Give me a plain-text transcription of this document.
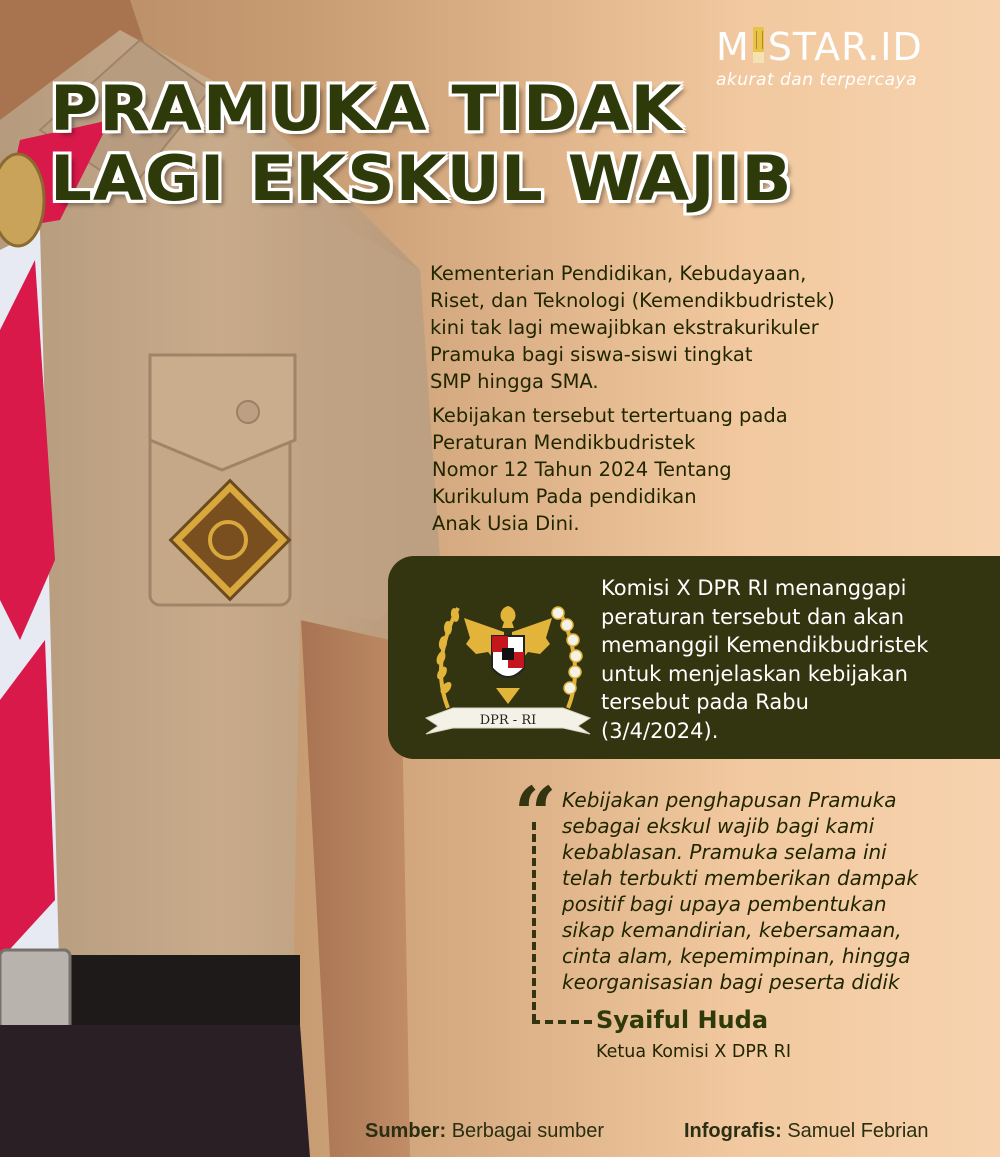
M STAR.ID
akurat dan terpercaya
PRAMUKA TIDAK
LAGI EKSKUL WAJIB

Kementerian Pendidikan, Kebudayaan,
Riset, dan Teknologi (Kemendikbudristek)
kini tak lagi mewajibkan ekstrakurikuler
Pramuka bagi siswa-siswi tingkat
SMP hingga SMA.

Kebijakan tersebut tertertuang pada
Peraturan Mendikbudristek
Nomor 12 Tahun 2024 Tentang
Kurikulum Pada pendidikan
Anak Usia Dini.

DPR - RI

Komisi X DPR RI menanggapi
peraturan tersebut dan akan
memanggil Kemendikbudristek
untuk menjelaskan kebijakan
tersebut pada Rabu
(3/4/2024).

“ Kebijakan penghapusan Pramuka
sebagai ekskul wajib bagi kami
kebablasan. Pramuka selama ini
telah terbukti memberikan dampak
positif bagi upaya pembentukan
sikap kemandirian, kebersamaan,
cinta alam, kepemimpinan, hingga
keorganisasian bagi peserta didik

Syaiful Huda

Ketua Komisi X DPR RI

Sumber: Berbagai sumber	Infografis: Samuel Febrian
